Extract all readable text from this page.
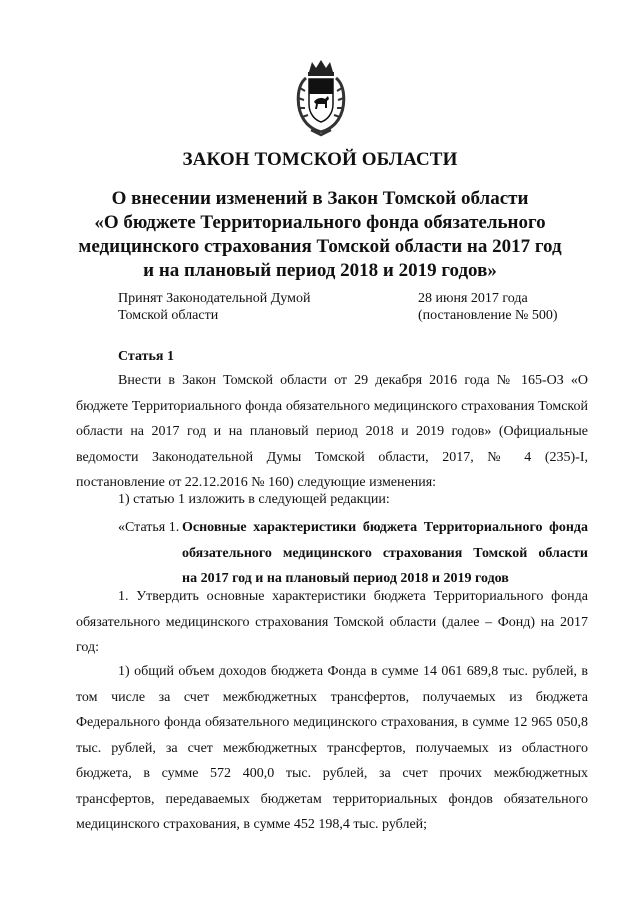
ЗАКОН ТОМСКОЙ ОБЛАСТИ
О внесении изменений в Закон Томской области
«О бюджете Территориального фонда обязательного
медицинского страхования Томской области на 2017 год
и на плановый период 2018 и 2019 годов»
Принят Законодательной Думой
Томской области
28 июня 2017 года
(постановление № 500)
Статья 1

Внести в Закон Томской области от 29 декабря 2016 года № 165-ОЗ «О бюджете Территориального фонда обязательного медицинского страхования Томской области на 2017 год и на плановый период 2018 и 2019 годов» (Официальные ведомости Законодательной Думы Томской области, 2017, № 4 (235)-I, постановление от 22.12.2016 № 160) следующие изменения:

1) статью 1 изложить в следующей редакции:
«Статья 1. Основные характеристики бюджета Территориального фонда
обязательного медицинского страхования Томской области
на 2017 год и на плановый период 2018 и 2019 годов

1. Утвердить основные характеристики бюджета Территориального фонда обязательного медицинского страхования Томской области (далее – Фонд) на 2017 год:

1) общий объем доходов бюджета Фонда в сумме 14 061 689,8 тыс. рублей, в том числе за счет межбюджетных трансфертов, получаемых из бюджета Федерального фонда обязательного медицинского страхования, в сумме 12 965 050,8 тыс. рублей, за счет межбюджетных трансфертов, получаемых из областного бюджета, в сумме 572 400,0 тыс. рублей, за счет прочих межбюджетных трансфертов, передаваемых бюджетам территориальных фондов обязательного медицинского страхования, в сумме 452 198,4 тыс. рублей;
